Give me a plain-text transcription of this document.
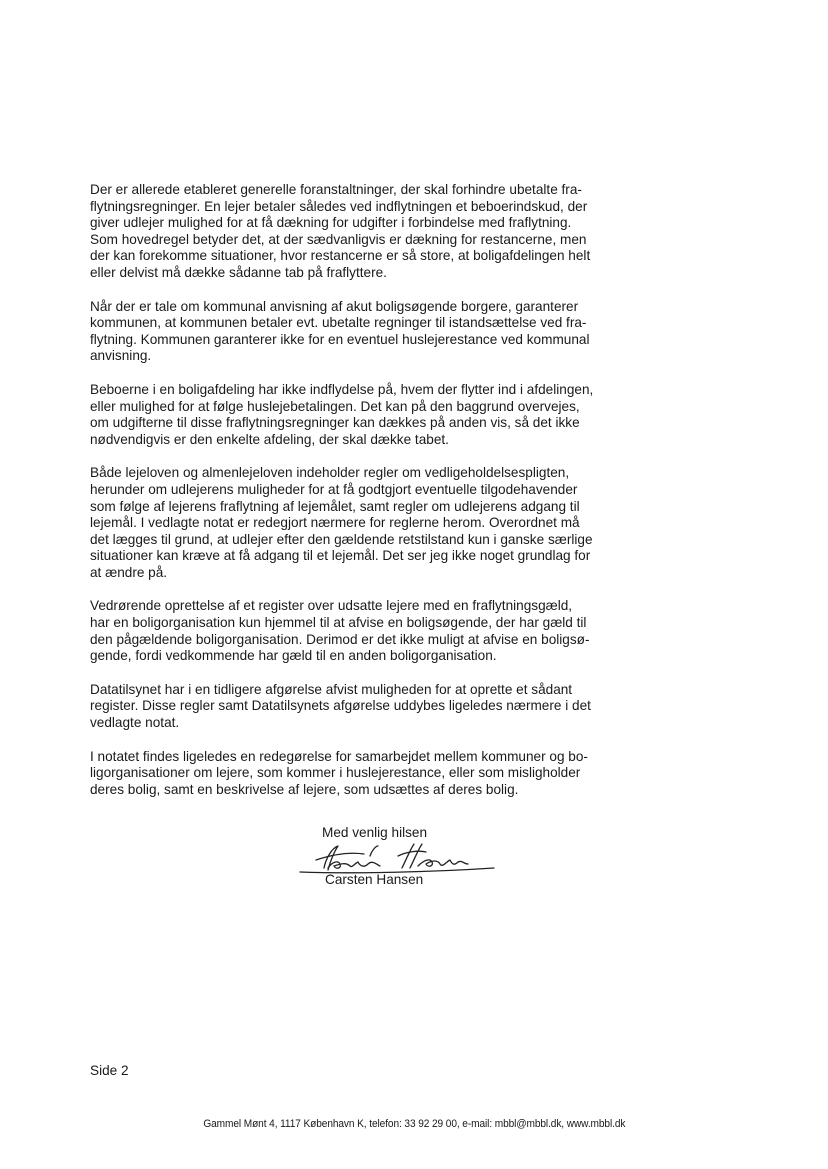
Der er allerede etableret generelle foranstaltninger, der skal forhindre ubetalte fra-
flytningsregninger. En lejer betaler således ved indflytningen et beboerindskud, der
giver udlejer mulighed for at få dækning for udgifter i forbindelse med fraflytning.
Som hovedregel betyder det, at der sædvanligvis er dækning for restancerne, men
der kan forekomme situationer, hvor restancerne er så store, at boligafdelingen helt
eller delvist må dække sådanne tab på fraflyttere.

Når der er tale om kommunal anvisning af akut boligsøgende borgere, garanterer
kommunen, at kommunen betaler evt. ubetalte regninger til istandsættelse ved fra-
flytning. Kommunen garanterer ikke for en eventuel huslejerestance ved kommunal
anvisning.

Beboerne i en boligafdeling har ikke indflydelse på, hvem der flytter ind i afdelingen,
eller mulighed for at følge huslejebetalingen. Det kan på den baggrund overvejes,
om udgifterne til disse fraflytningsregninger kan dækkes på anden vis, så det ikke
nødvendigvis er den enkelte afdeling, der skal dække tabet.

Både lejeloven og almenlejeloven indeholder regler om vedligeholdelsespligten,
herunder om udlejerens muligheder for at få godtgjort eventuelle tilgodehavender
som følge af lejerens fraflytning af lejemålet, samt regler om udlejerens adgang til
lejemål. I vedlagte notat er redegjort nærmere for reglerne herom. Overordnet må
det lægges til grund, at udlejer efter den gældende retstilstand kun i ganske særlige
situationer kan kræve at få adgang til et lejemål. Det ser jeg ikke noget grundlag for
at ændre på.

Vedrørende oprettelse af et register over udsatte lejere med en fraflytningsgæld,
har en boligorganisation kun hjemmel til at afvise en boligsøgende, der har gæld til
den pågældende boligorganisation. Derimod er det ikke muligt at afvise en boligsø-
gende, fordi vedkommende har gæld til en anden boligorganisation.

Datatilsynet har i en tidligere afgørelse afvist muligheden for at oprette et sådant
register. Disse regler samt Datatilsynets afgørelse uddybes ligeledes nærmere i det
vedlagte notat.

I notatet findes ligeledes en redegørelse for samarbejdet mellem kommuner og bo-
ligorganisationer om lejere, som kommer i huslejerestance, eller som misligholder
deres bolig, samt en beskrivelse af lejere, som udsættes af deres bolig.

Med venlig hilsen
Carsten Hansen
Side 2
Gammel Mønt 4, 1117 København K, telefon: 33 92 29 00, e-mail: mbbl@mbbl.dk, www.mbbl.dk
